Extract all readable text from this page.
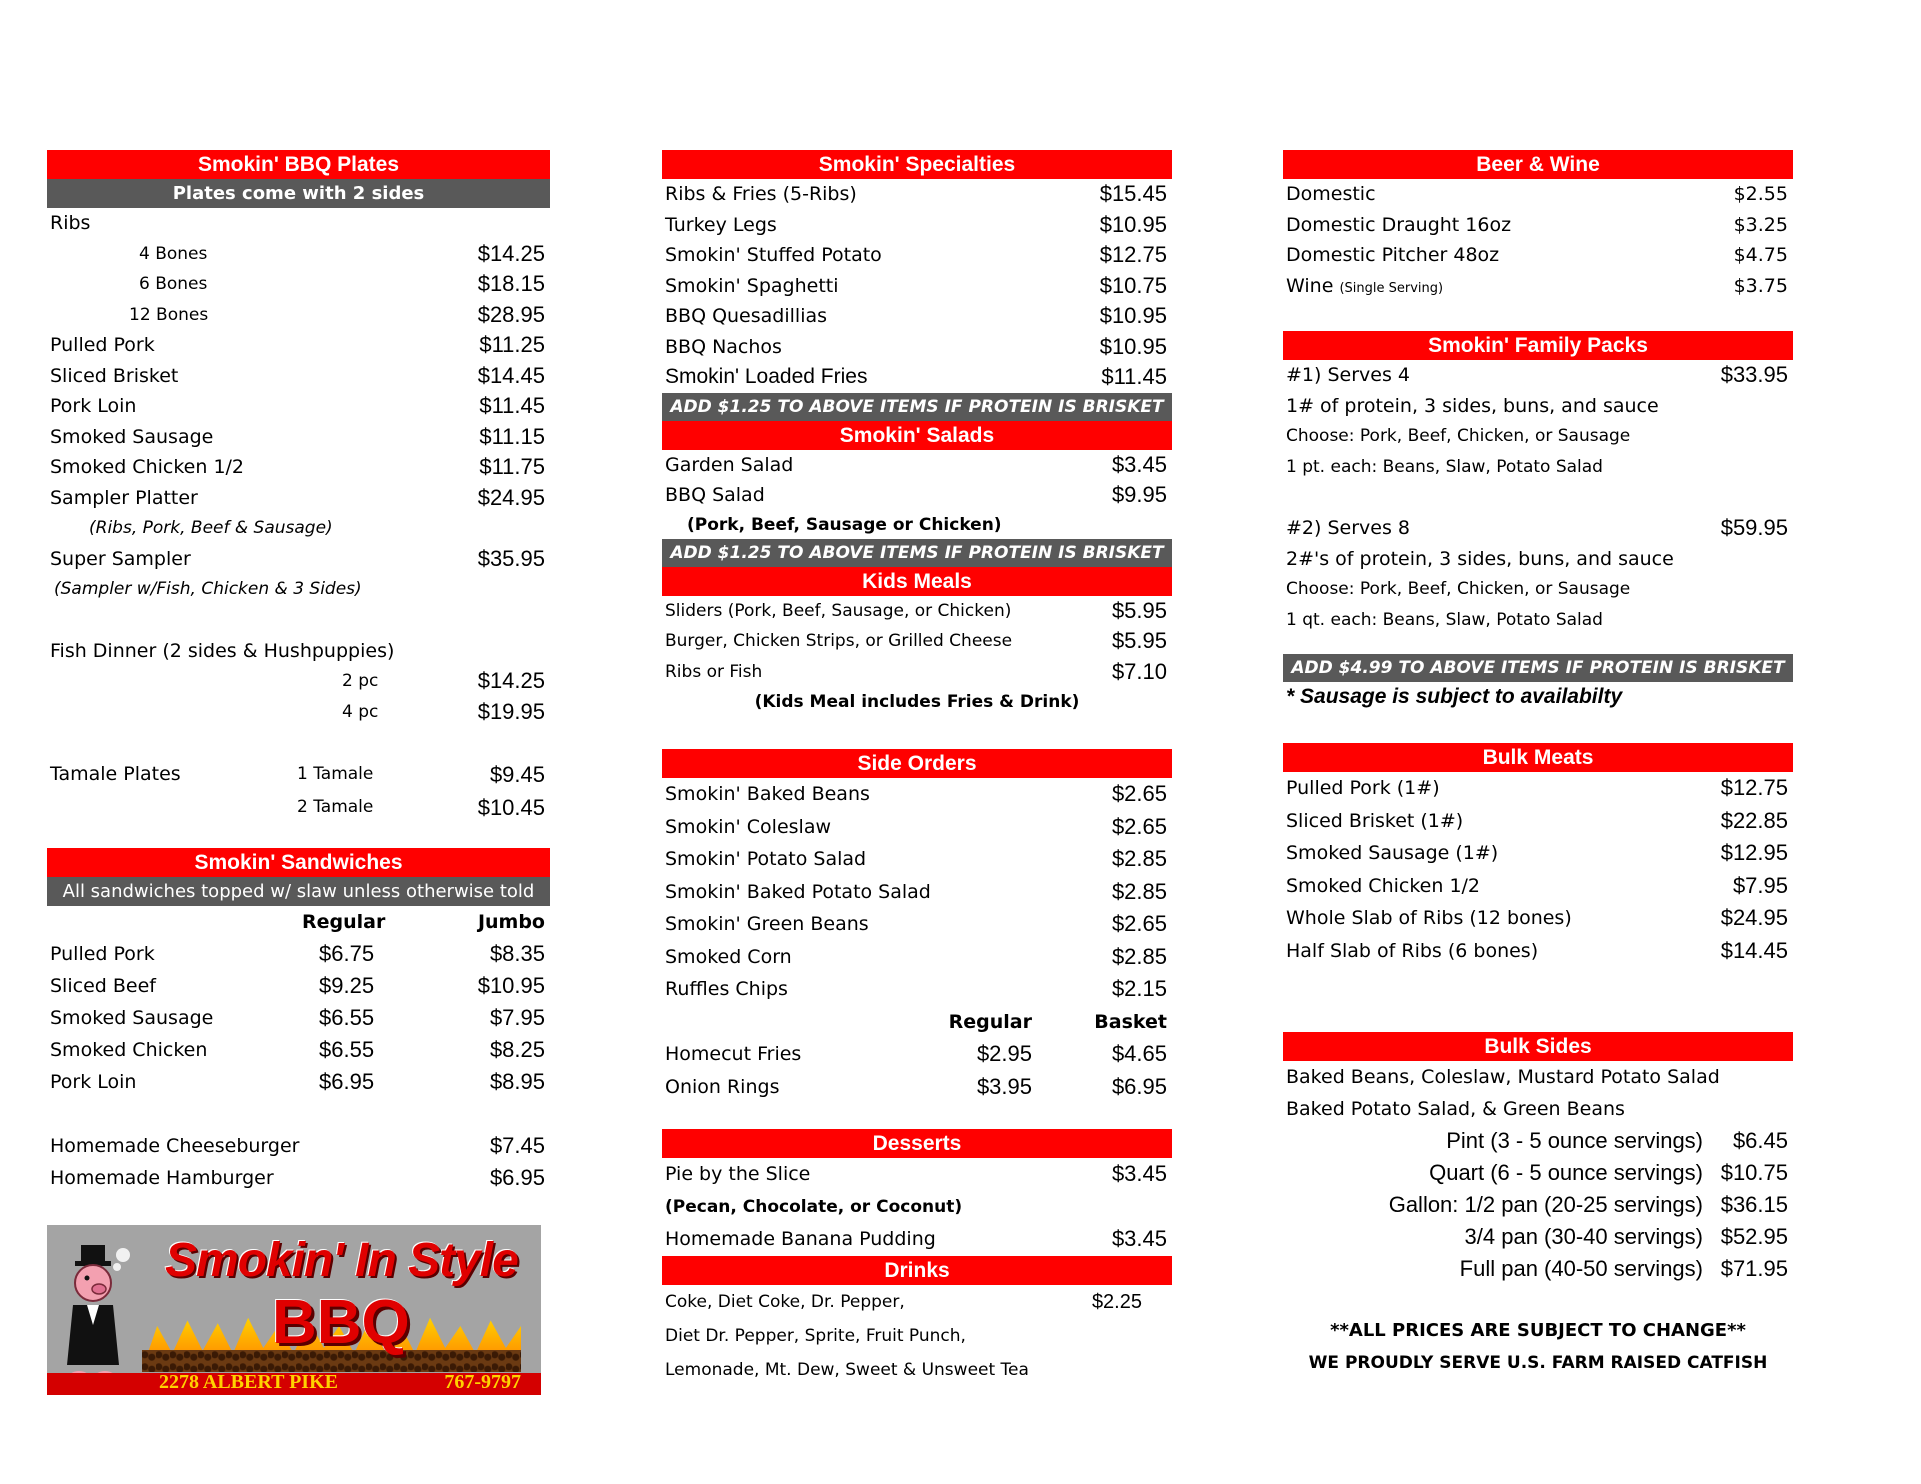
Smokin' BBQ Plates
Plates come with 2 sides
Ribs
4 Bones	$14.25
6 Bones	$18.15
12 Bones	$28.95
Pulled Pork	$11.25
Sliced Brisket	$14.45
Pork Loin	$11.45
Smoked Sausage	$11.15
Smoked Chicken 1/2	$11.75
Sampler Platter	$24.95
(Ribs, Pork, Beef & Sausage)
Super Sampler	$35.95
(Sampler w/Fish, Chicken & 3 Sides)
Fish Dinner (2 sides & Hushpuppies)
2 pc	$14.25
4 pc	$19.95
Tamale Plates	1 Tamale	$9.45
2 Tamale	$10.45
Smokin' Sandwiches
All sandwiches topped w/ slaw unless otherwise told
Regular	Jumbo
Pulled Pork	$6.75	$8.35
Sliced Beef	$9.25	$10.95
Smoked Sausage	$6.55	$7.95
Smoked Chicken	$6.55	$8.25
Pork Loin	$6.95	$8.95
Homemade Cheeseburger	$7.45
Homemade Hamburger	$6.95
Smokin' In Style
BBQ
2278 ALBERT PIKE	767-9797
Smokin' Specialties
Ribs & Fries (5-Ribs)	$15.45
Turkey Legs	$10.95
Smokin' Stuffed Potato	$12.75
Smokin' Spaghetti	$10.75
BBQ Quesadillias	$10.95
BBQ Nachos	$10.95
Smokin' Loaded Fries	$11.45
ADD $1.25 TO ABOVE ITEMS IF PROTEIN IS BRISKET
Smokin' Salads
Garden Salad	$3.45
BBQ Salad	$9.95
(Pork, Beef, Sausage or Chicken)
ADD $1.25 TO ABOVE ITEMS IF PROTEIN IS BRISKET
Kids Meals
Sliders (Pork, Beef, Sausage, or Chicken)	$5.95
Burger, Chicken Strips, or Grilled Cheese	$5.95
Ribs or Fish	$7.10
(Kids Meal includes Fries & Drink)
Side Orders
Smokin' Baked Beans	$2.65
Smokin' Coleslaw	$2.65
Smokin' Potato Salad	$2.85
Smokin' Baked Potato Salad	$2.85
Smokin' Green Beans	$2.65
Smoked Corn	$2.85
Ruffles Chips	$2.15
Regular	Basket
Homecut Fries	$2.95	$4.65
Onion Rings	$3.95	$6.95
Desserts
Pie by the Slice	$3.45
(Pecan, Chocolate, or Coconut)
Homemade Banana Pudding	$3.45
Drinks
Coke, Diet Coke, Dr. Pepper,	$2.25
Diet Dr. Pepper, Sprite, Fruit Punch,
Lemonade, Mt. Dew, Sweet & Unsweet Tea
Beer & Wine
Domestic	$2.55
Domestic Draught 16oz	$3.25
Domestic Pitcher 48oz	$4.75
Wine (Single Serving)	$3.75
Smokin' Family Packs
#1) Serves 4	$33.95
1# of protein, 3 sides, buns, and sauce
Choose: Pork, Beef, Chicken, or Sausage
1 pt. each: Beans, Slaw, Potato Salad
#2) Serves 8	$59.95
2#'s of protein, 3 sides, buns, and sauce
Choose: Pork, Beef, Chicken, or Sausage
1 qt. each: Beans, Slaw, Potato Salad
ADD $4.99 TO ABOVE ITEMS IF PROTEIN IS BRISKET
* Sausage is subject to availabilty
Bulk Meats
Pulled Pork (1#)	$12.75
Sliced Brisket (1#)	$22.85
Smoked Sausage (1#)	$12.95
Smoked Chicken 1/2	$7.95
Whole Slab of Ribs (12 bones)	$24.95
Half Slab of Ribs (6 bones)	$14.45
Bulk Sides
Baked Beans, Coleslaw, Mustard Potato Salad
Baked Potato Salad, & Green Beans
Pint (3 - 5 ounce servings) $6.45
Quart (6 - 5 ounce servings) $10.75
Gallon: 1/2 pan (20-25 servings) $36.15
3/4 pan (30-40 servings) $52.95
Full pan (40-50 servings) $71.95
**ALL PRICES ARE SUBJECT TO CHANGE**
WE PROUDLY SERVE U.S. FARM RAISED CATFISH
